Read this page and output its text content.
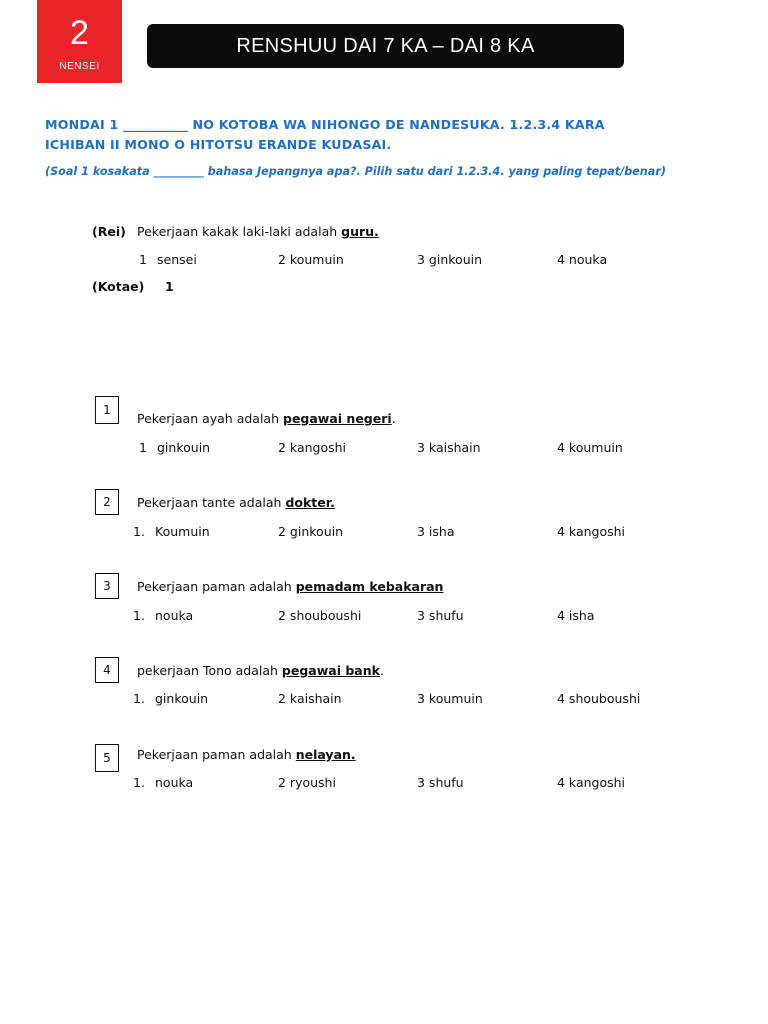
2
NENSEI
RENSHUU DAI 7 KA – DAI 8 KA
MONDAI 1 __________ NO KOTOBA WA NIHONGO DE NANDESUKA. 1.2.3.4 KARA
ICHIBAN II MONO O HITOTSU ERANDE KUDASAI.
(Soal 1 kosakata _________ bahasa Jepangnya apa?. Pilih satu dari 1.2.3.4. yang paling tepat/benar)
(Rei) Pekerjaan kakak laki-laki adalah guru.
1 sensei	2 koumuin	3 ginkouin	4 nouka
(Kotae) 1
1
Pekerjaan ayah adalah pegawai negeri.
1 ginkouin	2 kangoshi	3 kaishain	4 koumuin
2 Pekerjaan tante adalah dokter.
1. Koumuin	2 ginkouin	3 isha	4 kangoshi
3 Pekerjaan paman adalah pemadam kebakaran
1. nouka	2 shouboushi	3 shufu	4 isha
4 pekerjaan Tono adalah pegawai bank.
1. ginkouin	2 kaishain	3 koumuin	4 shouboushi
5 Pekerjaan paman adalah nelayan.
1. nouka	2 ryoushi	3 shufu	4 kangoshi
